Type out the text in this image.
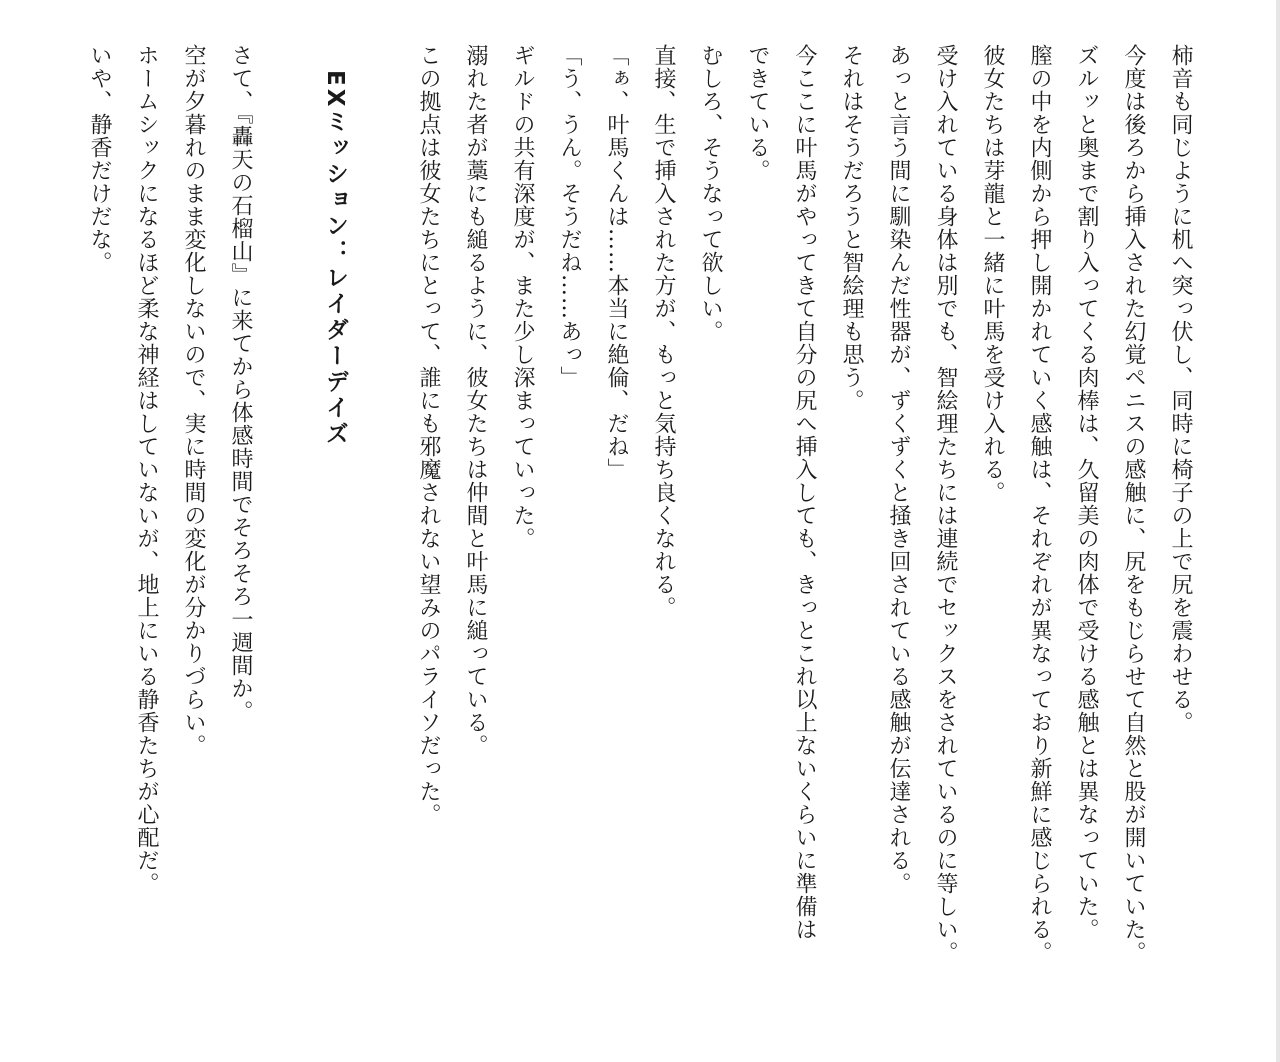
柿音も同じように机へ突っ伏し、同時に椅子の上で尻を震わせる。
今度は後ろから挿入された幻覚ペニスの感触に、尻をもじらせて自然と股が開いていた。
ズルッと奥まで割り入ってくる肉棒は、久留美の肉体で受ける感触とは異なっていた。
膣の中を内側から押し開かれていく感触は、それぞれが異なっており新鮮に感じられる。
彼女たちは芽龍と一緒に叶馬を受け入れる。
受け入れている身体は別でも、智絵理たちには連続でセックスをされているのに等しい。
あっと言う間に馴染んだ性器が、ずくずくと掻き回されている感触が伝達される。
それはそうだろうと智絵理も思う。
今ここに叶馬がやってきて自分の尻へ挿入しても、きっとこれ以上ないくらいに準備は
できている。
むしろ、そうなって欲しい。
直接、生で挿入された方が、もっと気持ち良くなれる。
「ぁ、叶馬くんは……本当に絶倫、だね」
「う、うん。そうだね……あっ」
ギルドの共有深度が、また少し深まっていった。
溺れた者が藁にも縋るように、彼女たちは仲間と叶馬に縋っている。
この拠点は彼女たちにとって、誰にも邪魔されない望みのパライソだった。
EXミッション：レイダーデイズ
さて、『轟天の石榴山』に来てから体感時間でそろそろ一週間か。
空が夕暮れのまま変化しないので、実に時間の変化が分かりづらい。
ホームシックになるほど柔な神経はしていないが、地上にいる静香たちが心配だ。
いや、静香だけだな。
